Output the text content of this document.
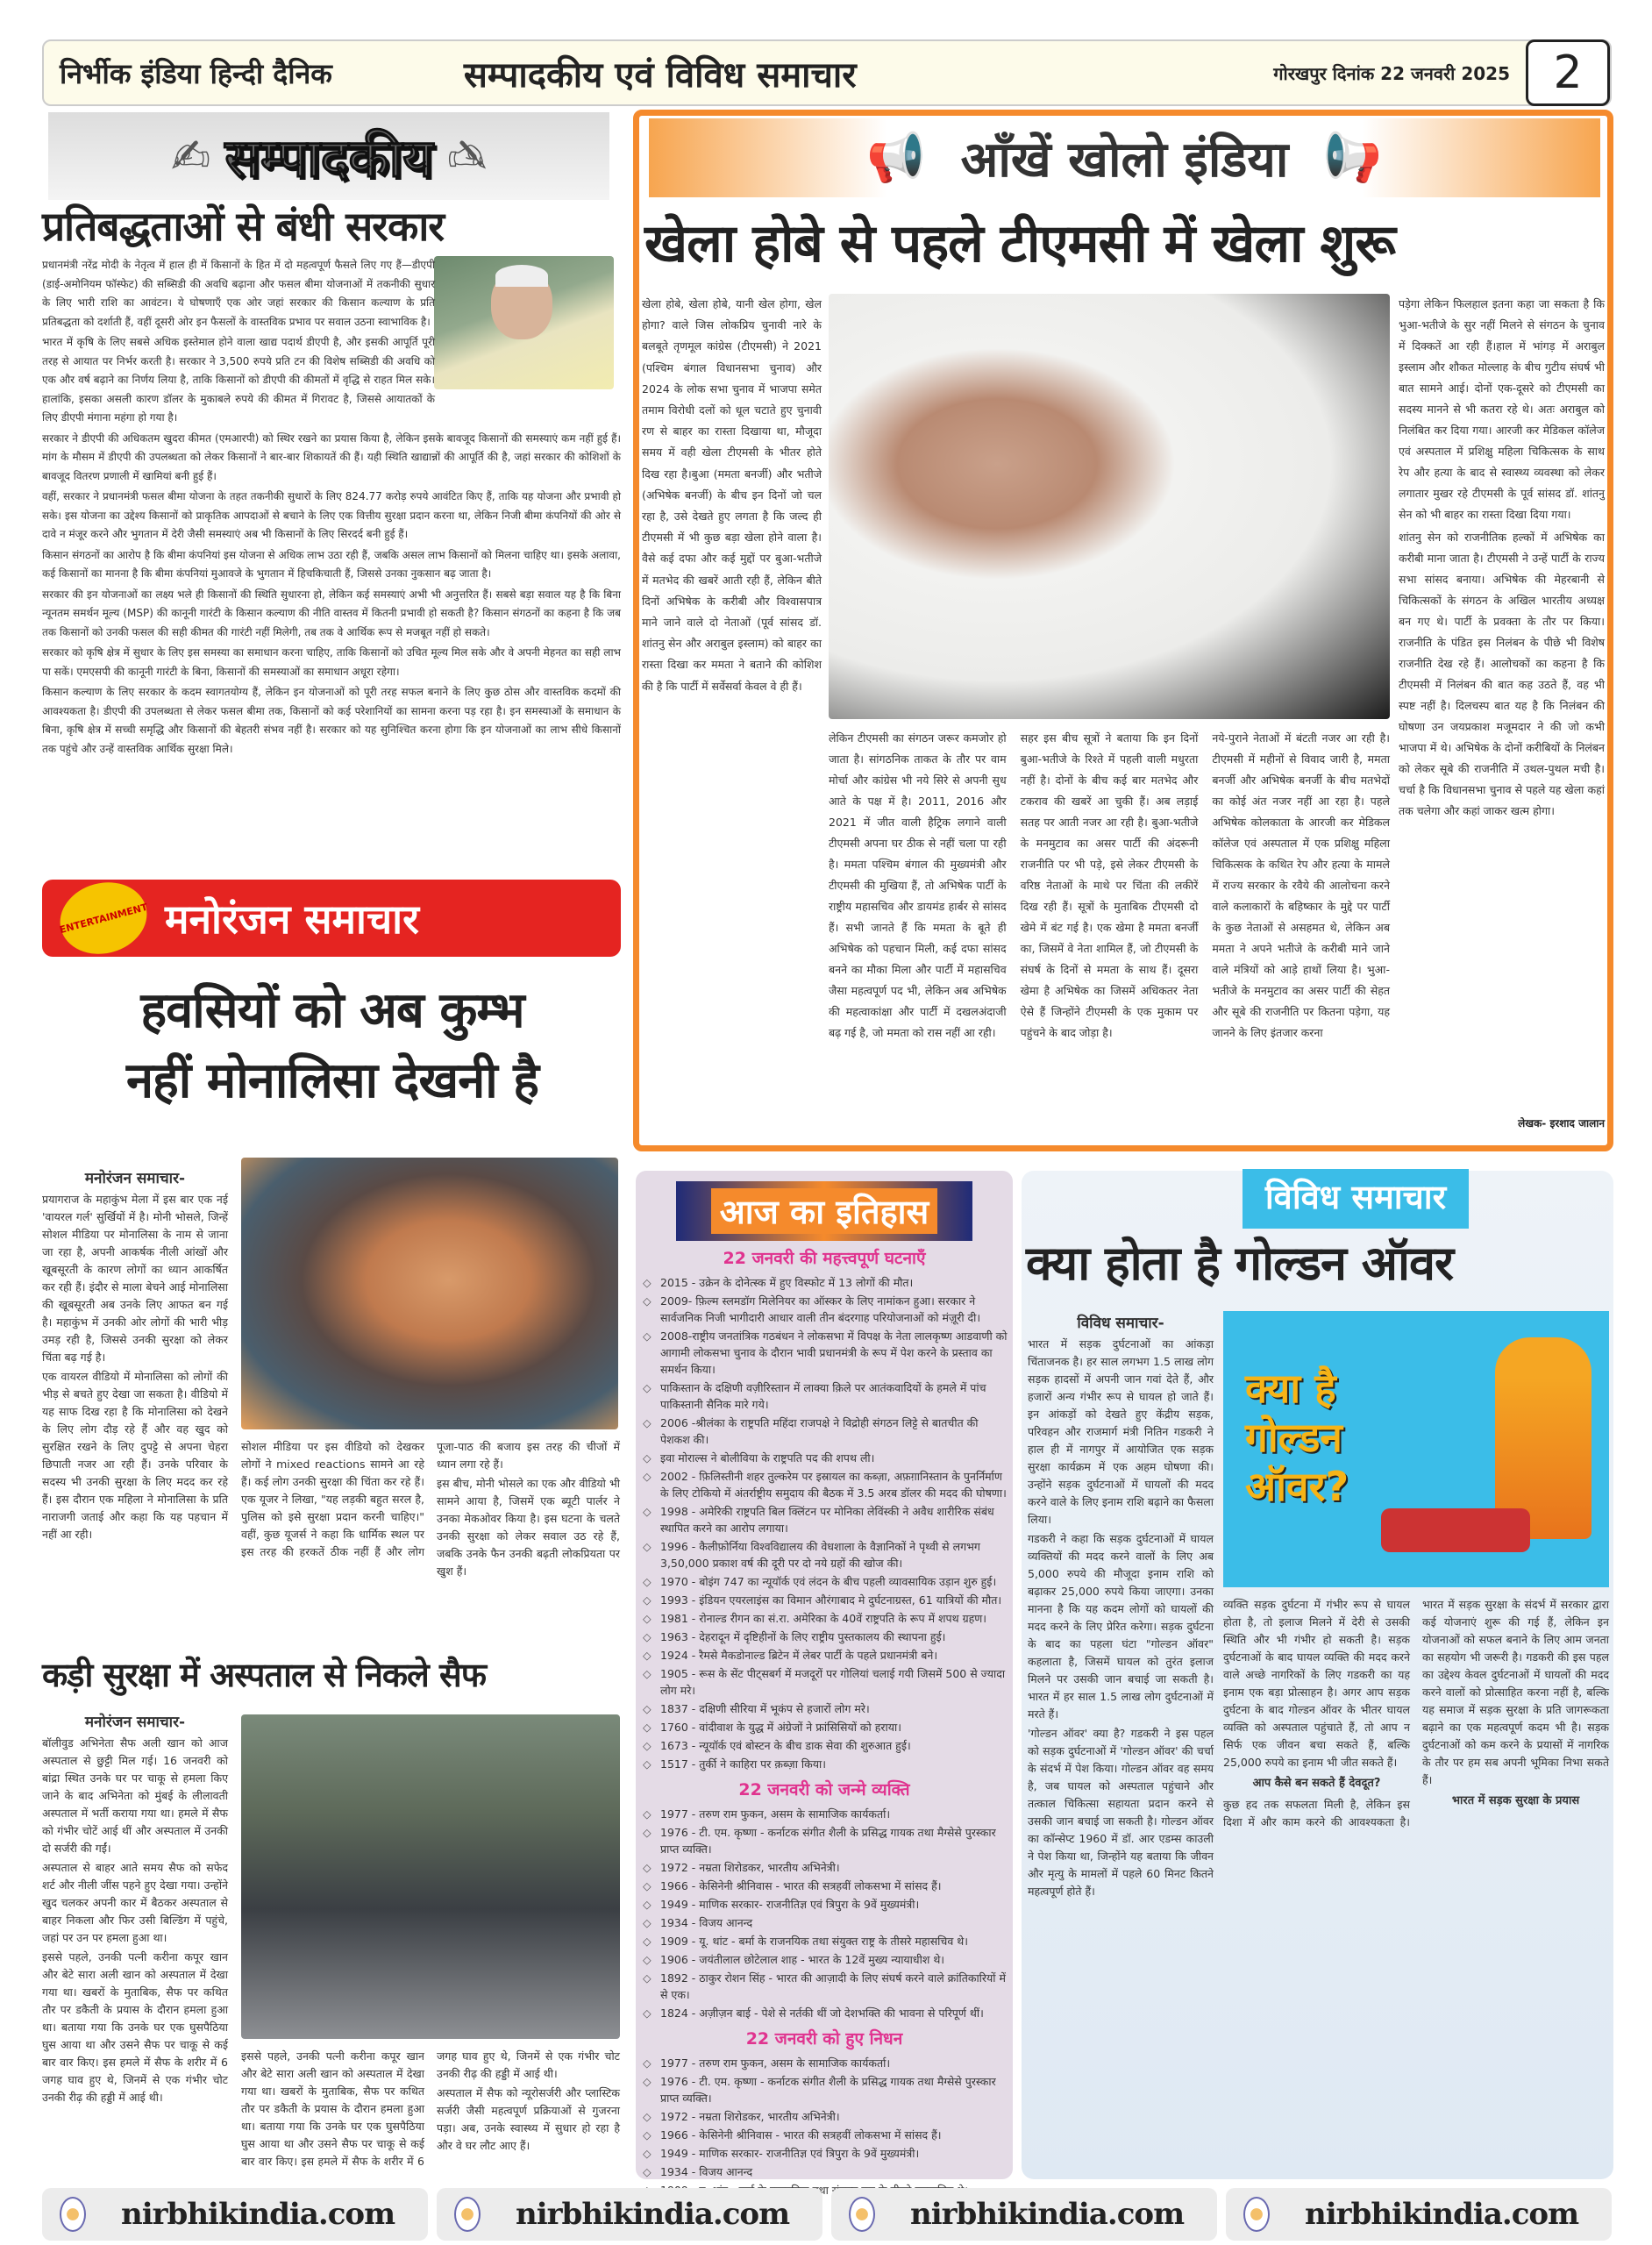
निर्भीक इंडिया हिन्दी दैनिक	सम्पादकीय एवं विविध समाचार	गोरखपुर दिनांक 22 जनवरी 2025 2
✍ सम्पादकीय ✍
प्रतिबद्धताओं से बंधी सरकार

प्रधानमंत्री नरेंद्र मोदी के नेतृत्व में हाल ही में किसानों के हित में दो महत्वपूर्ण फैसले लिए गए हैं—डीएपी (डाई-अमोनियम फॉस्फेट) की सब्सिडी की अवधि बढ़ाना और फसल बीमा योजनाओं में तकनीकी सुधार के लिए भारी राशि का आवंटन। ये घोषणाएँ एक ओर जहां सरकार की किसान कल्याण के प्रति प्रतिबद्धता को दर्शाती हैं, वहीं दूसरी ओर इन फैसलों के वास्तविक प्रभाव पर सवाल उठना स्वाभाविक है।

भारत में कृषि के लिए सबसे अधिक इस्तेमाल होने वाला खाद्य पदार्थ डीएपी है, और इसकी आपूर्ति पूरी तरह से आयात पर निर्भर करती है। सरकार ने 3,500 रुपये प्रति टन की विशेष सब्सिडी की अवधि को एक और वर्ष बढ़ाने का निर्णय लिया है, ताकि किसानों को डीएपी की कीमतों में वृद्धि से राहत मिल सके। हालांकि, इसका असली कारण डॉलर के मुकाबले रुपये की कीमत में गिरावट है, जिससे आयातकों के लिए डीएपी मंगाना महंगा हो गया है।

सरकार ने डीएपी की अधिकतम खुदरा कीमत (एमआरपी) को स्थिर रखने का प्रयास किया है, लेकिन इसके बावजूद किसानों की समस्याएं कम नहीं हुई हैं। मांग के मौसम में डीएपी की उपलब्धता को लेकर किसानों ने बार-बार शिकायतें की हैं। यही स्थिति खाद्यान्नों की आपूर्ति की है, जहां सरकार की कोशिशों के बावजूद वितरण प्रणाली में खामियां बनी हुई हैं।

वहीं, सरकार ने प्रधानमंत्री फसल बीमा योजना के तहत तकनीकी सुधारों के लिए 824.77 करोड़ रुपये आवंटित किए हैं, ताकि यह योजना और प्रभावी हो सके। इस योजना का उद्देश्य किसानों को प्राकृतिक आपदाओं से बचाने के लिए एक वित्तीय सुरक्षा प्रदान करना था, लेकिन निजी बीमा कंपनियों की ओर से दावे न मंजूर करने और भुगतान में देरी जैसी समस्याएं अब भी किसानों के लिए सिरदर्द बनी हुई हैं।

किसान संगठनों का आरोप है कि बीमा कंपनियां इस योजना से अधिक लाभ उठा रही हैं, जबकि असल लाभ किसानों को मिलना चाहिए था। इसके अलावा, कई किसानों का मानना है कि बीमा कंपनियां मुआवजे के भुगतान में हिचकिचाती हैं, जिससे उनका नुकसान बढ़ जाता है।

सरकार की इन योजनाओं का लक्ष्य भले ही किसानों की स्थिति सुधारना हो, लेकिन कई समस्याएं अभी भी अनुत्तरित हैं। सबसे बड़ा सवाल यह है कि बिना न्यूनतम समर्थन मूल्य (MSP) की कानूनी गारंटी के किसान कल्याण की नीति वास्तव में कितनी प्रभावी हो सकती है? किसान संगठनों का कहना है कि जब तक किसानों को उनकी फसल की सही कीमत की गारंटी नहीं मिलेगी, तब तक वे आर्थिक रूप से मजबूत नहीं हो सकते।

सरकार को कृषि क्षेत्र में सुधार के लिए इस समस्या का समाधान करना चाहिए, ताकि किसानों को उचित मूल्य मिल सके और वे अपनी मेहनत का सही लाभ पा सकें। एमएसपी की कानूनी गारंटी के बिना, किसानों की समस्याओं का समाधान अधूरा रहेगा।

किसान कल्याण के लिए सरकार के कदम स्वागतयोग्य हैं, लेकिन इन योजनाओं को पूरी तरह सफल बनाने के लिए कुछ ठोस और वास्तविक कदमों की आवश्यकता है। डीएपी की उपलब्धता से लेकर फसल बीमा तक, किसानों को कई परेशानियों का सामना करना पड़ रहा है। इन समस्याओं के समाधान के बिना, कृषि क्षेत्र में सच्ची समृद्धि और किसानों की बेहतरी संभव नहीं है। सरकार को यह सुनिश्चित करना होगा कि इन योजनाओं का लाभ सीधे किसानों तक पहुंचे और उन्हें वास्तविक आर्थिक सुरक्षा मिले।

ENTERTAINMENT मनोरंजन समाचार
हवसियों को अब कुम्भ
नहीं मोनालिसा देखनी है
मनोरंजन समाचार-

प्रयागराज के महाकुंभ मेला में इस बार एक नई 'वायरल गर्ल' सुर्खियों में है। मोनी भोसले, जिन्हें सोशल मीडिया पर मोनालिसा के नाम से जाना जा रहा है, अपनी आकर्षक नीली आंखों और खूबसूरती के कारण लोगों का ध्यान आकर्षित कर रही हैं। इंदौर से माला बेचने आई मोनालिसा की खूबसूरती अब उनके लिए आफत बन गई है। महाकुंभ में उनकी ओर लोगों की भारी भीड़ उमड़ रही है, जिससे उनकी सुरक्षा को लेकर चिंता बढ़ गई है।

एक वायरल वीडियो में मोनालिसा को लोगों की भीड़ से बचते हुए देखा जा सकता है। वीडियो में यह साफ दिख रहा है कि मोनालिसा को देखने के लिए लोग दौड़ रहे हैं और वह खुद को सुरक्षित रखने के लिए दुपट्टे से अपना चेहरा छिपाती नजर आ रही हैं। उनके परिवार के सदस्य भी उनकी सुरक्षा के लिए मदद कर रहे हैं। इस दौरान एक महिला ने मोनालिसा के प्रति नाराजगी जताई और कहा कि यह पहचान में नहीं आ रही।

सोशल मीडिया पर इस वीडियो को देखकर लोगों ने mixed reactions सामने आ रहे हैं। कई लोग उनकी सुरक्षा की चिंता कर रहे हैं। एक यूजर ने लिखा, "यह लड़की बहुत सरल है, पुलिस को इसे सुरक्षा प्रदान करनी चाहिए।" वहीं, कुछ यूजर्स ने कहा कि धार्मिक स्थल पर इस तरह की हरकतें ठीक नहीं हैं और लोग पूजा-पाठ की बजाय इस तरह की चीजों में ध्यान लगा रहे हैं।

इस बीच, मोनी भोसले का एक और वीडियो भी सामने आया है, जिसमें एक ब्यूटी पार्लर ने उनका मेकओवर किया है। इस घटना के चलते उनकी सुरक्षा को लेकर सवाल उठ रहे हैं, जबकि उनके फैन उनकी बढ़ती लोकप्रियता पर खुश हैं।

कड़ी सुरक्षा में अस्पताल से निकले सैफ
मनोरंजन समाचार-

बॉलीवुड अभिनेता सैफ अली खान को आज अस्पताल से छुट्टी मिल गई। 16 जनवरी को बांद्रा स्थित उनके घर पर चाकू से हमला किए जाने के बाद अभिनेता को मुंबई के लीलावती अस्पताल में भर्ती कराया गया था। हमले में सैफ को गंभीर चोटें आई थीं और अस्पताल में उनकी दो सर्जरी की गईं।

अस्पताल से बाहर आते समय सैफ को सफेद शर्ट और नीली जींस पहने हुए देखा गया। उन्होंने खुद चलकर अपनी कार में बैठकर अस्पताल से बाहर निकला और फिर उसी बिल्डिंग में पहुंचे, जहां पर उन पर हमला हुआ था।

इससे पहले, उनकी पत्नी करीना कपूर खान और बेटे सारा अली खान को अस्पताल में देखा गया था। खबरों के मुताबिक, सैफ पर कथित तौर पर डकैती के प्रयास के दौरान हमला हुआ था। बताया गया कि उनके घर एक घुसपैठिया घुस आया था और उसने सैफ पर चाकू से कई बार वार किए। इस हमले में सैफ के शरीर में 6 जगह घाव हुए थे, जिनमें से एक गंभीर चोट उनकी रीढ़ की हड्डी में आई थी।

इससे पहले, उनकी पत्नी करीना कपूर खान और बेटे सारा अली खान को अस्पताल में देखा गया था। खबरों के मुताबिक, सैफ पर कथित तौर पर डकैती के प्रयास के दौरान हमला हुआ था। बताया गया कि उनके घर एक घुसपैठिया घुस आया था और उसने सैफ पर चाकू से कई बार वार किए। इस हमले में सैफ के शरीर में 6 जगह घाव हुए थे, जिनमें से एक गंभीर चोट उनकी रीढ़ की हड्डी में आई थी।

अस्पताल में सैफ को न्यूरोसर्जरी और प्लास्टिक सर्जरी जैसी महत्वपूर्ण प्रक्रियाओं से गुजरना पड़ा। अब, उनके स्वास्थ्य में सुधार हो रहा है और वे घर लौट आए हैं।

📢 आँखें खोलो इंडिया 📢
खेला होबे से पहले टीएमसी में खेला शुरू

खेला होबे, खेला होबे, यानी खेल होगा, खेल होगा? वाले जिस लोकप्रिय चुनावी नारे के बलबूते तृणमूल कांग्रेस (टीएमसी) ने 2021 (पश्चिम बंगाल विधानसभा चुनाव) और 2024 के लोक सभा चुनाव में भाजपा समेत तमाम विरोधी दलों को धूल चटाते हुए चुनावी रण से बाहर का रास्ता दिखाया था, मौजूदा समय में वही खेला टीएमसी के भीतर होते दिख रहा है।बुआ (ममता बनर्जी) और भतीजे (अभिषेक बनर्जी) के बीच इन दिनों जो चल रहा है, उसे देखते हुए लगता है कि जल्द ही टीएमसी में भी कुछ बड़ा खेला होने वाला है।वैसे कई दफा और कई मुद्दों पर बुआ-भतीजे में मतभेद की खबरें आती रही हैं, लेकिन बीते दिनों अभिषेक के करीबी और विश्वासपात्र माने जाने वाले दो नेताओं (पूर्व सांसद डॉ. शांतनु सेन और अराबुल इस्लाम) को बाहर का रास्ता दिखा कर ममता ने बताने की कोशिश की है कि पार्टी में सर्वेसर्वा केवल वे ही हैं।

लेकिन टीएमसी का संगठन जरूर कमजोर हो जाता है। सांगठनिक ताकत के तौर पर वाम मोर्चा और कांग्रेस भी नये सिरे से अपनी सुध आते के पक्ष में है। 2011, 2016 और 2021 में जीत वाली हैट्रिक लगाने वाली टीएमसी अपना घर ठीक से नहीं चला पा रही है। ममता पश्चिम बंगाल की मुख्यमंत्री और टीएमसी की मुखिया हैं, तो अभिषेक पार्टी के राष्ट्रीय महासचिव और डायमंड हार्बर से सांसद हैं। सभी जानते हैं कि ममता के बूते ही अभिषेक को पहचान मिली, कई दफा सांसद बनने का मौका मिला और पार्टी में महासचिव जैसा महत्वपूर्ण पद भी, लेकिन अब अभिषेक की महत्वाकांक्षा और पार्टी में दखलअंदाजी बढ़ गई है, जो ममता को रास नहीं आ रही।

सहर इस बीच सूत्रों ने बताया कि इन दिनों बुआ-भतीजे के रिश्ते में पहली वाली मधुरता नहीं है। दोनों के बीच कई बार मतभेद और टकराव की खबरें आ चुकी हैं। अब लड़ाई सतह पर आती नजर आ रही है। बुआ-भतीजे के मनमुटाव का असर पार्टी की अंदरूनी राजनीति पर भी पड़े, इसे लेकर टीएमसी के वरिष्ठ नेताओं के माथे पर चिंता की लकीरें दिख रही हैं। सूत्रों के मुताबिक टीएमसी दो खेमे में बंट गई है। एक खेमा है ममता बनर्जी का, जिसमें वे नेता शामिल हैं, जो टीएमसी के संघर्ष के दिनों से ममता के साथ हैं। दूसरा खेमा है अभिषेक का जिसमें अधिकतर नेता ऐसे हैं जिन्होंने टीएमसी के एक मुकाम पर पहुंचने के बाद जोड़ा है।

नये-पुराने नेताओं में बंटती नजर आ रही है।टीएमसी में महीनों से विवाद जारी है, ममता बनर्जी और अभिषेक बनर्जी के बीच मतभेदों का कोई अंत नजर नहीं आ रहा है। पहले अभिषेक कोलकाता के आरजी कर मेडिकल कॉलेज एवं अस्पताल में एक प्रशिक्षु महिला चिकित्सक के कथित रेप और हत्या के मामले में राज्य सरकार के रवैये की आलोचना करने वाले कलाकारों के बहिष्कार के मुद्दे पर पार्टी के कुछ नेताओं से असहमत थे, लेकिन अब ममता ने अपने भतीजे के करीबी माने जाने वाले मंत्रियों को आड़े हाथों लिया है। भुआ-भतीजे के मनमुटाव का असर पार्टी की सेहत और सूबे की राजनीति पर कितना पड़ेगा, यह जानने के लिए इंतजार करना

पड़ेगा लेकिन फिलहाल इतना कहा जा सकता है कि भुआ-भतीजे के सुर नहीं मिलने से संगठन के चुनाव में दिक्कतें आ रही हैं।हाल में भांगड़ में अराबुल इस्लाम और शौकत मोल्लाह के बीच गुटीय संघर्ष भी बात सामने आई। दोनों एक-दूसरे को टीएमसी का सदस्य मानने से भी कतरा रहे थे। अतः अराबुल को निलंबित कर दिया गया। आरजी कर मेडिकल कॉलेज एवं अस्पताल में प्रशिक्षु महिला चिकित्सक के साथ रेप और हत्या के बाद से स्वास्थ्य व्यवस्था को लेकर लगातार मुखर रहे टीएमसी के पूर्व सांसद डॉ. शांतनु सेन को भी बाहर का रास्ता दिखा दिया गया।

शांतनु सेन को राजनीतिक हल्कों में अभिषेक का करीबी माना जाता है। टीएमसी ने उन्हें पार्टी के राज्य सभा सांसद बनाया। अभिषेक की मेहरबानी से चिकित्सकों के संगठन के अखिल भारतीय अध्यक्ष बन गए थे। पार्टी के प्रवक्ता के तौर पर किया। राजनीति के पंडित इस निलंबन के पीछे भी विशेष राजनीति देख रहे हैं। आलोचकों का कहना है कि टीएमसी में निलंबन की बात कह उठते हैं, वह भी स्पष्ट नहीं है। दिलचस्प बात यह है कि निलंबन की घोषणा उन जयप्रकाश मजूमदार ने की जो कभी भाजपा में थे। अभिषेक के दोनों करीबियों के निलंबन को लेकर सूबे की राजनीति में उथल-पुथल मची है। चर्चा है कि विधानसभा चुनाव से पहले यह खेला कहां तक चलेगा और कहां जाकर खत्म होगा।

लेखक- इरशाद जालान
आज का इतिहास
22 जनवरी की महत्त्वपूर्ण घटनाएँ
◇ 2015 - उक्रेन के दोनेत्स्क में हुए विस्फोट में 13 लोगों की मौत।
◇ 2009- फ़िल्म स्लमडॉग मिलेनियर का ऑस्कर के लिए नामांकन हुआ। सरकार ने सार्वजनिक निजी भागीदारी आधार वाली तीन बंदरगाह परियोजनाओं को मंज़ूरी दी।
◇ 2008-राष्ट्रीय जनतांत्रिक गठबंधन ने लोकसभा में विपक्ष के नेता लालकृष्ण आडवाणी को आगामी लोकसभा चुनाव के दौरान भावी प्रधानमंत्री के रूप में पेश करने के प्रस्ताव का समर्थन किया।
◇ पाकिस्तान के दक्षिणी वज़ीरिस्तान में लाक्या क़िले पर आतंकवादियों के हमले में पांच पाकिस्तानी सैनिक मारे गये।
◇ 2006 -श्रीलंका के राष्ट्रपति महिंदा राजपक्षे ने विद्रोही संगठन लिट्टे से बातचीत की पेशकश की।
◇ इवा मोराल्स ने बोलीविया के राष्ट्रपति पद की शपथ ली।
◇ 2002 - फ़िलिस्तीनी शहर तुल्करेम पर इस्रायल का कब्ज़ा, अफ़ग़ानिस्तान के पुनर्निर्माण के लिए टोकियो में अंतर्राष्ट्रीय समुदाय की बैठक में 3.5 अरब डॉलर की मदद की घोषणा।
◇ 1998 - अमेरिकी राष्ट्रपति बिल क्लिंटन पर मोनिका लेविंस्की ने अवैध शारीरिक संबंध स्थापित करने का आरोप लगाया।
◇ 1996 - कैलीफ़ोर्निया विश्वविद्यालय की वेधशाला के वैज्ञानिकों ने पृथ्वी से लगभग 3,50,000 प्रकाश वर्ष की दूरी पर दो नये ग्रहों की खोज की।
◇ 1970 - बोइंग 747 का न्यूयॉर्क एवं लंदन के बीच पहली व्यावसायिक उड़ान शुरु हुई।
◇ 1993 - इंडियन एयरलाइंस का विमान औरंगाबाद मे दुर्घटनाग्रस्त, 61 यात्रियों की मौत।
◇ 1981 - रोनाल्ड रीगन का सं.रा. अमेरिका के 40वें राष्ट्रपति के रूप में शपथ ग्रहण।
◇ 1963 - देहरादून में दृष्टिहीनों के लिए राष्ट्रीय पुस्तकालय की स्थापना हुई।
◇ 1924 - रैमसे मैकडोनाल्ड ब्रिटेन में लेबर पार्टी के पहले प्रधानमंत्री बने।
◇ 1905 - रूस के सेंट पीट्सबर्ग में मजदूरों पर गोलियां चलाई गयी जिसमें 500 से ज्यादा लोग मरे।
◇ 1837 - दक्षिणी सीरिया में भूकंप से हजारों लोग मरे।
◇ 1760 - वांदीवाश के युद्ध में अंग्रेजों ने फ्रांसिसियों को हराया।
◇ 1673 - न्यूयॉर्क एवं बोस्टन के बीच डाक सेवा की शुरुआत हुई।
◇ 1517 - तुर्की ने काहिरा पर क़ब्ज़ा किया।
22 जनवरी को जन्मे व्यक्ति
◇ 1977 - तरुण राम फुकन, असम के सामाजिक कार्यकर्ता।
◇ 1976 - टी. एम. कृष्णा - कर्नाटक संगीत शैली के प्रसिद्ध गायक तथा मैग्सेसे पुरस्कार प्राप्त व्यक्ति।
◇ 1972 - नम्रता शिरोडकर, भारतीय अभिनेत्री।
◇ 1966 - केसिनेनी श्रीनिवास - भारत की सत्रहवीं लोकसभा में सांसद हैं।
◇ 1949 - माणिक सरकार- राजनीतिज्ञ एवं त्रिपुरा के 9वें मुख्यमंत्री।
◇ 1934 - विजय आनन्द
◇ 1909 - यू. थांट - बर्मा के राजनयिक तथा संयुक्त राष्ट्र के तीसरे महासचिव थे।
◇ 1906 - जयंतीलाल छोटेलाल शाह - भारत के 12वें मुख्य न्यायाधीश थे।
◇ 1892 - ठाकुर रोशन सिंह - भारत की आज़ादी के लिए संघर्ष करने वाले क्रांतिकारियों में से एक।
◇ 1824 - अज़ीज़न बाई - पेशे से नर्तकी थीं जो देशभक्ति की भावना से परिपूर्ण थीं।
22 जनवरी को हुए निधन
◇ 1977 - तरुण राम फुकन, असम के सामाजिक कार्यकर्ता।
◇ 1976 - टी. एम. कृष्णा - कर्नाटक संगीत शैली के प्रसिद्ध गायक तथा मैग्सेसे पुरस्कार प्राप्त व्यक्ति।
◇ 1972 - नम्रता शिरोडकर, भारतीय अभिनेत्री।
◇ 1966 - केसिनेनी श्रीनिवास - भारत की सत्रहवीं लोकसभा में सांसद हैं।
◇ 1949 - माणिक सरकार- राजनीतिज्ञ एवं त्रिपुरा के 9वें मुख्यमंत्री।
◇ 1934 - विजय आनन्द
◇ तथा
विविध समाचार
क्या होता है गोल्डन ऑवर
क्या है
गोल्डन
ऑवर?
विविध समाचार-

भारत में सड़क दुर्घटनाओं का आंकड़ा चिंताजनक है। हर साल लगभग 1.5 लाख लोग सड़क हादसों में अपनी जान गवां देते हैं, और हजारों अन्य गंभीर रूप से घायल हो जाते हैं। इन आंकड़ों को देखते हुए केंद्रीय सड़क, परिवहन और राजमार्ग मंत्री नितिन गडकरी ने हाल ही में नागपुर में आयोजित एक सड़क सुरक्षा कार्यक्रम में एक अहम घोषणा की। उन्होंने सड़क दुर्घटनाओं में घायलों की मदद करने वाले के लिए इनाम राशि बढ़ाने का फैसला लिया।

गडकरी ने कहा कि सड़क दुर्घटनाओं में घायल व्यक्तियों की मदद करने वालों के लिए अब 5,000 रुपये की मौजूदा इनाम राशि को बढ़ाकर 25,000 रुपये किया जाएगा। उनका मानना है कि यह कदम लोगों को घायलों की मदद करने के लिए प्रेरित करेगा। सड़क दुर्घटना के बाद का पहला घंटा "गोल्डन ऑवर" कहलाता है, जिसमें घायल को तुरंत इलाज मिलने पर उसकी जान बचाई जा सकती है। भारत में हर साल 1.5 लाख लोग दुर्घटनाओं में मरते हैं।

'गोल्डन ऑवर' क्या है? गडकरी ने इस पहल को सड़क दुर्घटनाओं में 'गोल्डन ऑवर' की चर्चा के संदर्भ में पेश किया। गोल्डन ऑवर वह समय है, जब घायल को अस्पताल पहुंचाने और तत्काल चिकित्सा सहायता प्रदान करने से उसकी जान बचाई जा सकती है। गोल्डन ऑवर का कॉन्सेप्ट 1960 में डॉ. आर एडम्स काउली ने पेश किया था, जिन्होंने यह बताया कि जीवन और मृत्यु के मामलों में पहले 60 मिनट कितने महत्वपूर्ण होते हैं।

व्यक्ति सड़क दुर्घटना में गंभीर रूप से घायल होता है, तो इलाज मिलने में देरी से उसकी स्थिति और भी गंभीर हो सकती है। सड़क दुर्घटनाओं के बाद घायल व्यक्ति की मदद करने वाले अच्छे नागरिकों के लिए गडकरी का यह इनाम एक बड़ा प्रोत्साहन है। अगर आप सड़क दुर्घटना के बाद गोल्डन ऑवर के भीतर घायल व्यक्ति को अस्पताल पहुंचाते हैं, तो आप न सिर्फ एक जीवन बचा सकते हैं, बल्कि 25,000 रुपये का इनाम भी जीत सकते हैं।

आप कैसे बन सकते हैं देवदूत?

कुछ हद तक सफलता मिली है, लेकिन इस दिशा में और काम करने की आवश्यकता है। भारत में सड़क सुरक्षा के संदर्भ में सरकार द्वारा कई योजनाएं शुरू की गई हैं, लेकिन इन योजनाओं को सफल बनाने के लिए आम जनता का सहयोग भी जरूरी है। गडकरी की इस पहल का उद्देश्य केवल दुर्घटनाओं में घायलों की मदद करने वालों को प्रोत्साहित करना नहीं है, बल्कि यह समाज में सड़क सुरक्षा के प्रति जागरूकता बढ़ाने का एक महत्वपूर्ण कदम भी है। सड़क दुर्घटनाओं को कम करने के प्रयासों में नागरिक के तौर पर हम सब अपनी भूमिका निभा सकते हैं।

भारत में सड़क सुरक्षा के प्रयास
nirbhikindia.com	nirbhikindia.com	nirbhikindia.com	nirbhikindia.com
